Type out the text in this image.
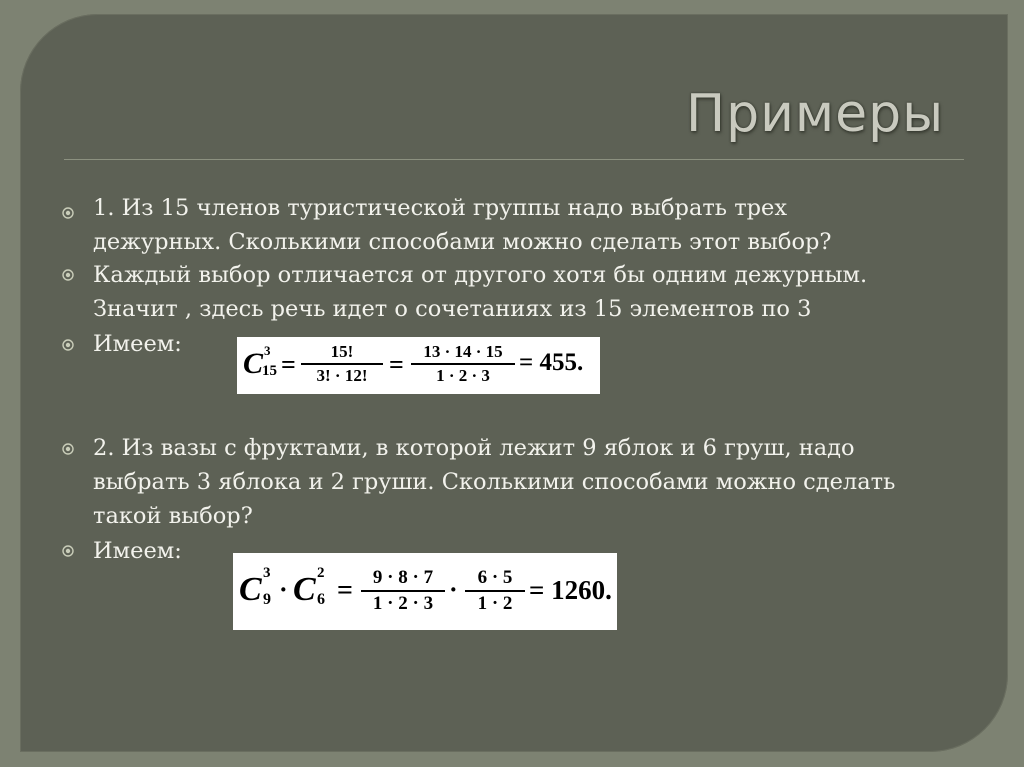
Примеры
1. Из 15 членов туристической группы надо выбрать трех
дежурных. Сколькими способами можно сделать этот выбор?
Каждый выбор отличается от другого хотя бы одним дежурным.
Значит , здесь речь идет о сочетаниях из 15 элементов по 3
Имеем:
C 3
15 =	15!
3! · 12! =	13 · 14 · 15
1 · 2 · 3	= 455.
2. Из вазы с фруктами, в которой лежит 9 яблок и 6 груш, надо
выбрать 3 яблока и 2 груши. Сколькими способами можно сделать
такой выбор?
Имеем:
C 3
9 · C 2
6 =	9 · 8 · 7
1 · 2 · 3 ·	6 · 5
1 · 2 = 1260.
